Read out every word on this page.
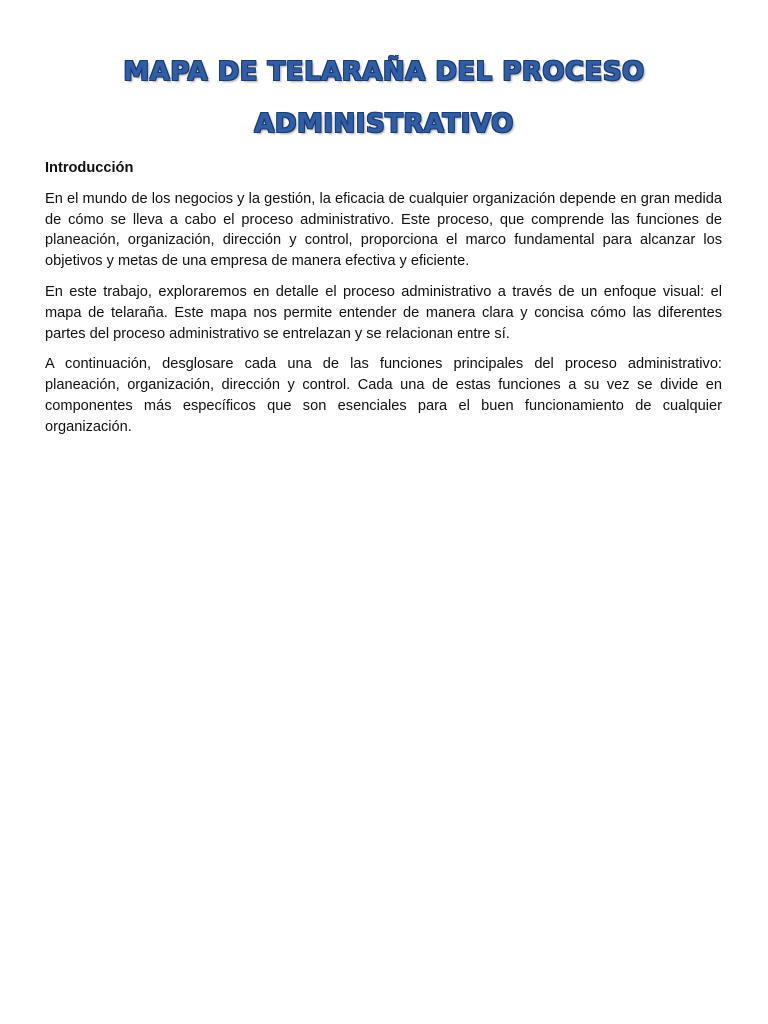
MAPA DE TELARAÑA DEL PROCESO
ADMINISTRATIVO

Introducción

En el mundo de los negocios y la gestión, la eficacia de cualquier organización depende en gran medida de cómo se lleva a cabo el proceso administrativo. Este proceso, que comprende las funciones de planeación, organización, dirección y control, proporciona el marco fundamental para alcanzar los objetivos y metas de una empresa de manera efectiva y eficiente.

En este trabajo, exploraremos en detalle el proceso administrativo a través de un enfoque visual: el mapa de telaraña. Este mapa nos permite entender de manera clara y concisa cómo las diferentes partes del proceso administrativo se entrelazan y se relacionan entre sí.

A continuación, desglosare cada una de las funciones principales del proceso administrativo: planeación, organización, dirección y control. Cada una de estas funciones a su vez se divide en componentes más específicos que son esenciales para el buen funcionamiento de cualquier organización.
